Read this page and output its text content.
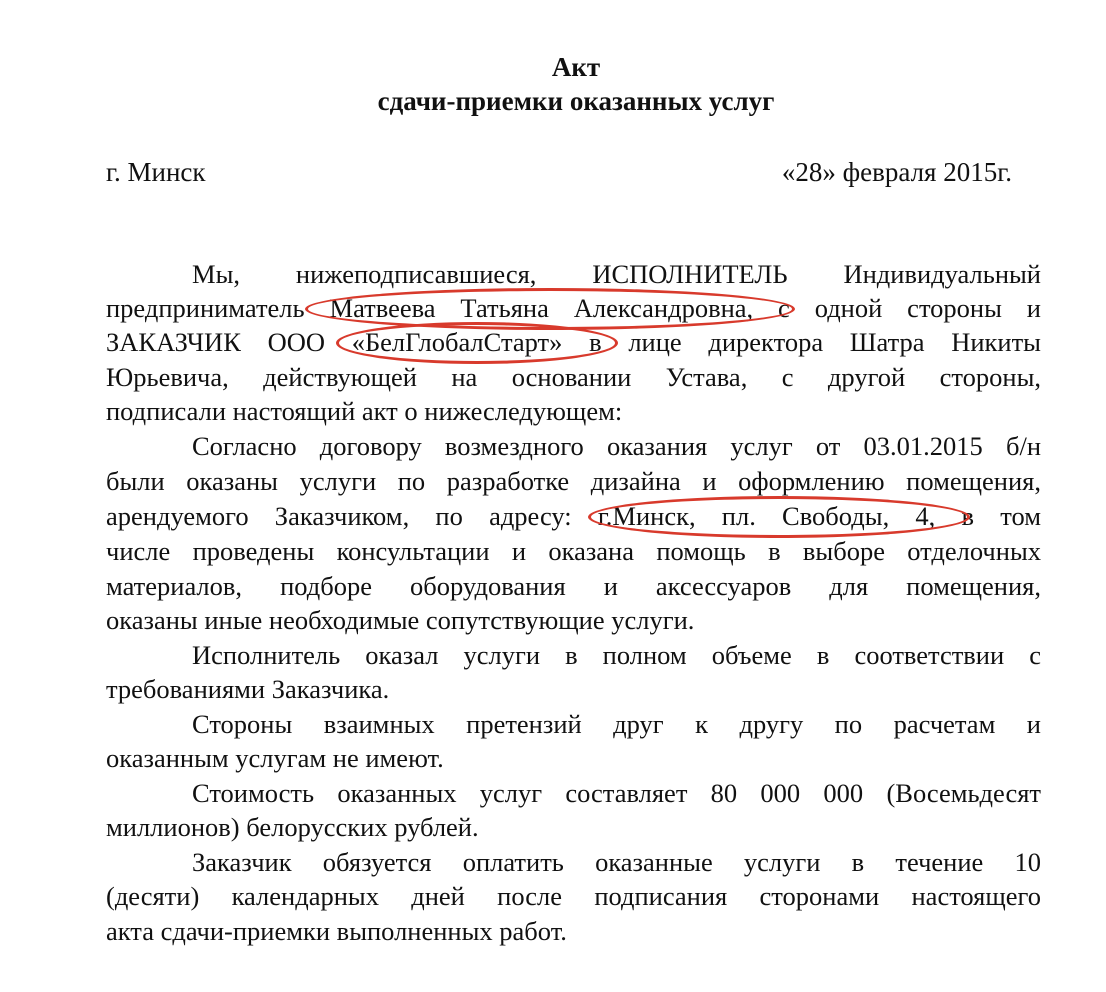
Акт
сдачи-приемки оказанных услуг
г. Минск	«28» февраля 2015г.
Мы, нижеподписавшиеся, ИСПОЛНИТЕЛЬ Индивидуальный
предприниматель Матвеева Татьяна Александровна, с одной стороны и
ЗАКАЗЧИК ООО «БелГлобалСтарт» в лице директора Шатра Никиты
Юрьевича, действующей на основании Устава, с другой стороны,
подписали настоящий акт о нижеследующем:
Согласно договору возмездного оказания услуг от 03.01.2015 б/н
были оказаны услуги по разработке дизайна и оформлению помещения,
арендуемого Заказчиком, по адресу: г.Минск, пл. Свободы, 4, в том
числе проведены консультации и оказана помощь в выборе отделочных
материалов, подборе оборудования и аксессуаров для помещения,
оказаны иные необходимые сопутствующие услуги.
Исполнитель оказал услуги в полном объеме в соответствии с
требованиями Заказчика.
Стороны взаимных претензий друг к другу по расчетам и
оказанным услугам не имеют.
Стоимость оказанных услуг составляет 80 000 000 (Восемьдесят
миллионов) белорусских рублей.
Заказчик обязуется оплатить оказанные услуги в течение 10
(десяти) календарных дней после подписания сторонами настоящего
акта сдачи-приемки выполненных работ.
